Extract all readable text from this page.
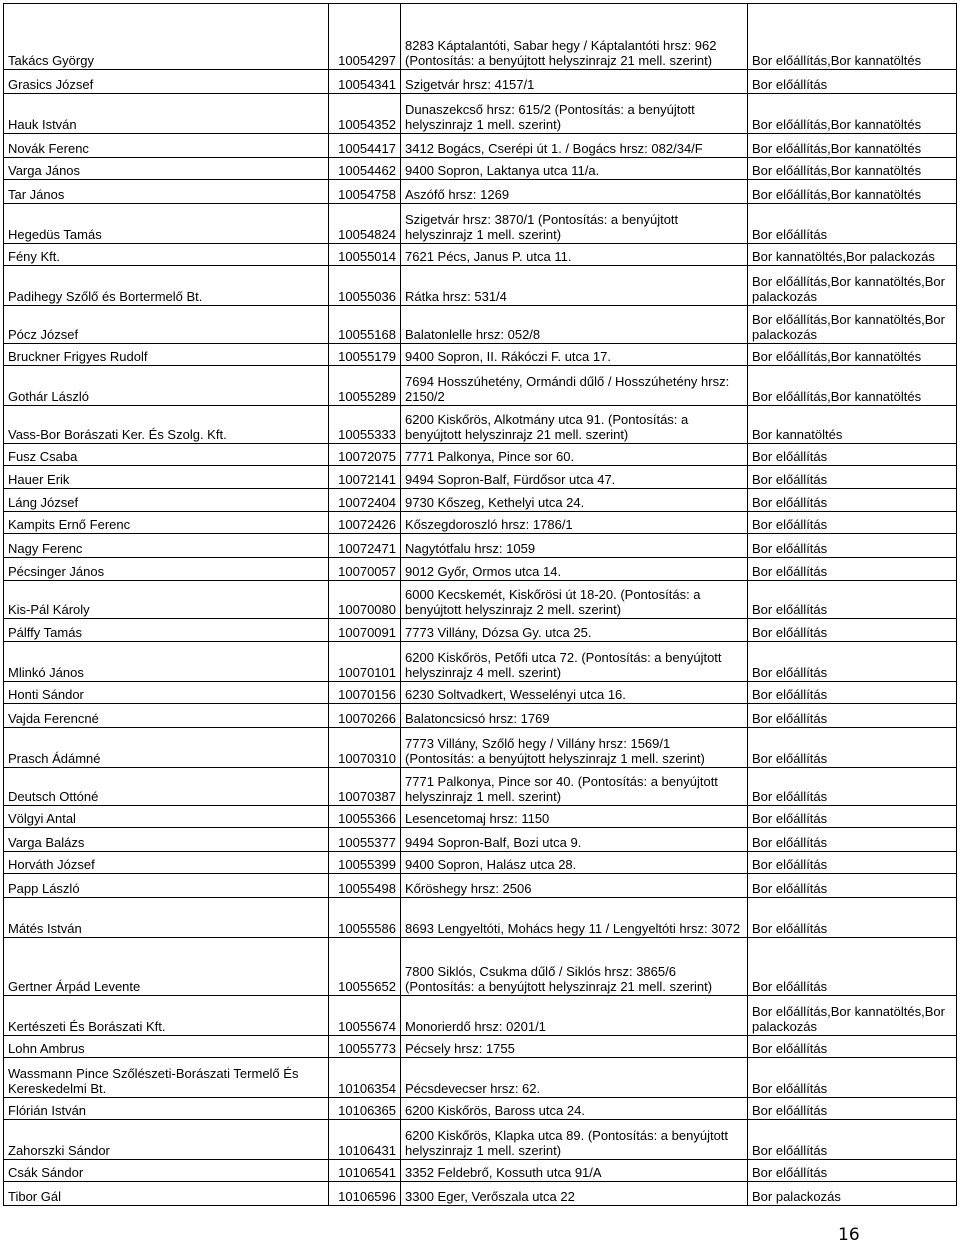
Takács György	10054297	8283 Káptalantóti, Sabar hegy / Káptalantóti hrsz: 962 (Pontosítás: a benyújtott helyszinrajz 21 mell. szerint)	Bor előállítás,Bor kannatöltés
Grasics József	10054341	Szigetvár hrsz: 4157/1	Bor előállítás
Hauk István	10054352	Dunaszekcső hrsz: 615/2 (Pontosítás: a benyújtott helyszinrajz 1 mell. szerint)	Bor előállítás,Bor kannatöltés
Novák Ferenc	10054417	3412 Bogács, Cserépi út 1. / Bogács hrsz: 082/34/F	Bor előállítás,Bor kannatöltés
Varga János	10054462	9400 Sopron, Laktanya utca 11/a.	Bor előállítás,Bor kannatöltés
Tar János	10054758	Aszófő hrsz: 1269	Bor előállítás,Bor kannatöltés
Hegedüs Tamás	10054824	Szigetvár hrsz: 3870/1 (Pontosítás: a benyújtott helyszinrajz 1 mell. szerint)	Bor előállítás
Fény Kft.	10055014	7621 Pécs, Janus P. utca 11.	Bor kannatöltés,Bor palackozás
Padihegy Szőlő és Bortermelő Bt.	10055036	Rátka hrsz: 531/4	Bor előállítás,Bor kannatöltés,Bor palackozás
Pócz József	10055168	Balatonlelle hrsz: 052/8	Bor előállítás,Bor kannatöltés,Bor palackozás
Bruckner Frigyes Rudolf	10055179	9400 Sopron, II. Rákóczi F. utca 17.	Bor előállítás,Bor kannatöltés
Gothár László	10055289	7694 Hosszúhetény, Ormándi dűlő / Hosszúhetény hrsz: 2150/2	Bor előállítás,Bor kannatöltés
Vass-Bor Borászati Ker. És Szolg. Kft.	10055333	6200 Kiskőrös, Alkotmány utca 91. (Pontosítás: a benyújtott helyszinrajz 21 mell. szerint)	Bor kannatöltés
Fusz Csaba	10072075	7771 Palkonya, Pince sor 60.	Bor előállítás
Hauer Erik	10072141	9494 Sopron-Balf, Fürdősor utca 47.	Bor előállítás
Láng József	10072404	9730 Kőszeg, Kethelyi utca 24.	Bor előállítás
Kampits Ernő Ferenc	10072426	Kőszegdoroszló hrsz: 1786/1	Bor előállítás
Nagy Ferenc	10072471	Nagytótfalu hrsz: 1059	Bor előállítás
Pécsinger János	10070057	9012 Győr, Ormos utca 14.	Bor előállítás
Kis-Pál Károly	10070080	6000 Kecskemét, Kiskőrösi út 18-20. (Pontosítás: a benyújtott helyszinrajz 2 mell. szerint)	Bor előállítás
Pálffy Tamás	10070091	7773 Villány, Dózsa Gy. utca 25.	Bor előállítás
Mlinkó János	10070101	6200 Kiskőrös, Petőfi utca 72. (Pontosítás: a benyújtott helyszinrajz 4 mell. szerint)	Bor előállítás
Honti Sándor	10070156	6230 Soltvadkert, Wesselényi utca 16.	Bor előállítás
Vajda Ferencné	10070266	Balatoncsicsó hrsz: 1769	Bor előállítás
Prasch Ádámné	10070310	7773 Villány, Szőlő hegy / Villány hrsz: 1569/1 (Pontosítás: a benyújtott helyszinrajz 1 mell. szerint)	Bor előállítás
Deutsch Ottóné	10070387	7771 Palkonya, Pince sor 40. (Pontosítás: a benyújtott helyszinrajz 1 mell. szerint)	Bor előállítás
Völgyi Antal	10055366	Lesencetomaj hrsz: 1150	Bor előállítás
Varga Balázs	10055377	9494 Sopron-Balf, Bozi utca 9.	Bor előállítás
Horváth József	10055399	9400 Sopron, Halász utca 28.	Bor előállítás
Papp László	10055498	Kőröshegy hrsz: 2506	Bor előállítás
Mátés István	10055586	8693 Lengyeltóti, Mohács hegy 11 / Lengyeltóti hrsz: 3072	Bor előállítás
Gertner Árpád Levente	10055652	7800 Siklós, Csukma dűlő / Siklós hrsz: 3865/6 (Pontosítás: a benyújtott helyszinrajz 21 mell. szerint)	Bor előállítás
Kertészeti És Borászati Kft.	10055674	Monorierdő hrsz: 0201/1	Bor előállítás,Bor kannatöltés,Bor palackozás
Lohn Ambrus	10055773	Pécsely hrsz: 1755	Bor előállítás
Wassmann Pince Szőlészeti-Borászati Termelő És Kereskedelmi Bt.	10106354	Pécsdevecser hrsz: 62.	Bor előállítás
Flórián István	10106365	6200 Kiskőrös, Baross utca 24.	Bor előállítás
Zahorszki Sándor	10106431	6200 Kiskőrös, Klapka utca 89. (Pontosítás: a benyújtott helyszinrajz 1 mell. szerint)	Bor előállítás
Csák Sándor	10106541	3352 Feldebrő, Kossuth utca 91/A	Bor előállítás
Tibor Gál	10106596	3300 Eger, Verőszala utca 22	Bor palackozás
16
